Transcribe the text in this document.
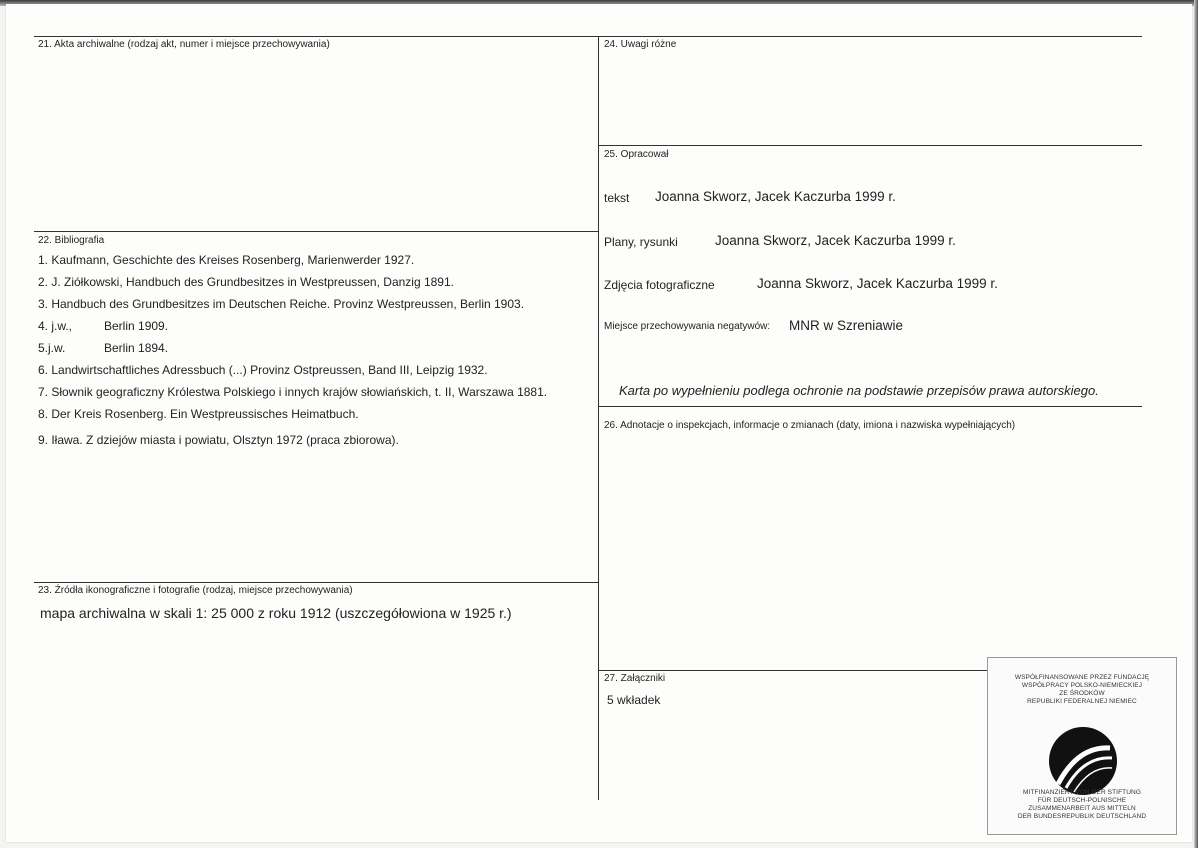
21. Akta archiwalne (rodzaj akt, numer i miejsce przechowywania)
22. Bibliografia
1. Kaufmann, Geschichte des Kreises Rosenberg, Marienwerder 1927.
2. J. Ziółkowski, Handbuch des Grundbesitzes in Westpreussen, Danzig 1891.
3. Handbuch des Grundbesitzes im Deutschen Reiche. Provinz Westpreussen, Berlin 1903.
4. j.w.,	Berlin 1909.
5.j.w.	Berlin 1894.
6. Landwirtschaftliches Adressbuch (...) Provinz Ostpreussen, Band III, Leipzig 1932.
7. Słownik geograficzny Królestwa Polskiego i innych krajów słowiańskich, t. II, Warszawa 1881.
8. Der Kreis Rosenberg. Ein Westpreussisches Heimatbuch.
9. Iława. Z dziejów miasta i powiatu, Olsztyn 1972 (praca zbiorowa).
23. Źródła ikonograficzne i fotografie (rodzaj, miejsce przechowywania)
mapa archiwalna w skali 1: 25 000 z roku 1912 (uszczegółowiona w 1925 r.)
24. Uwagi różne
25. Opracował
tekst Joanna Skworz, Jacek Kaczurba 1999 r.
Plany, rysunki	Joanna Skworz, Jacek Kaczurba 1999 r.
Zdjęcia fotograficzne	Joanna Skworz, Jacek Kaczurba 1999 r.
Miejsce przechowywania negatywów: MNR w Szreniawie
Karta po wypełnieniu podlega ochronie na podstawie przepisów prawa autorskiego.
26. Adnotacje o inspekcjach, informacje o zmianach (daty, imiona i nazwiska wypełniających)
27. Załączniki
5 wkładek
WSPÓŁFINANSOWANE PRZEZ FUNDACJĘ
WSPÓŁPRACY POLSKO-NIEMIECKIEJ
ZE ŚRODKÓW
REPUBLIKI FEDERALNEJ NIEMIEC
MITFINANZIERT VON DER STIFTUNG
FÜR DEUTSCH-POLNISCHE
ZUSAMMENARBEIT AUS MITTELN
DER BUNDESREPUBLIK DEUTSCHLAND
